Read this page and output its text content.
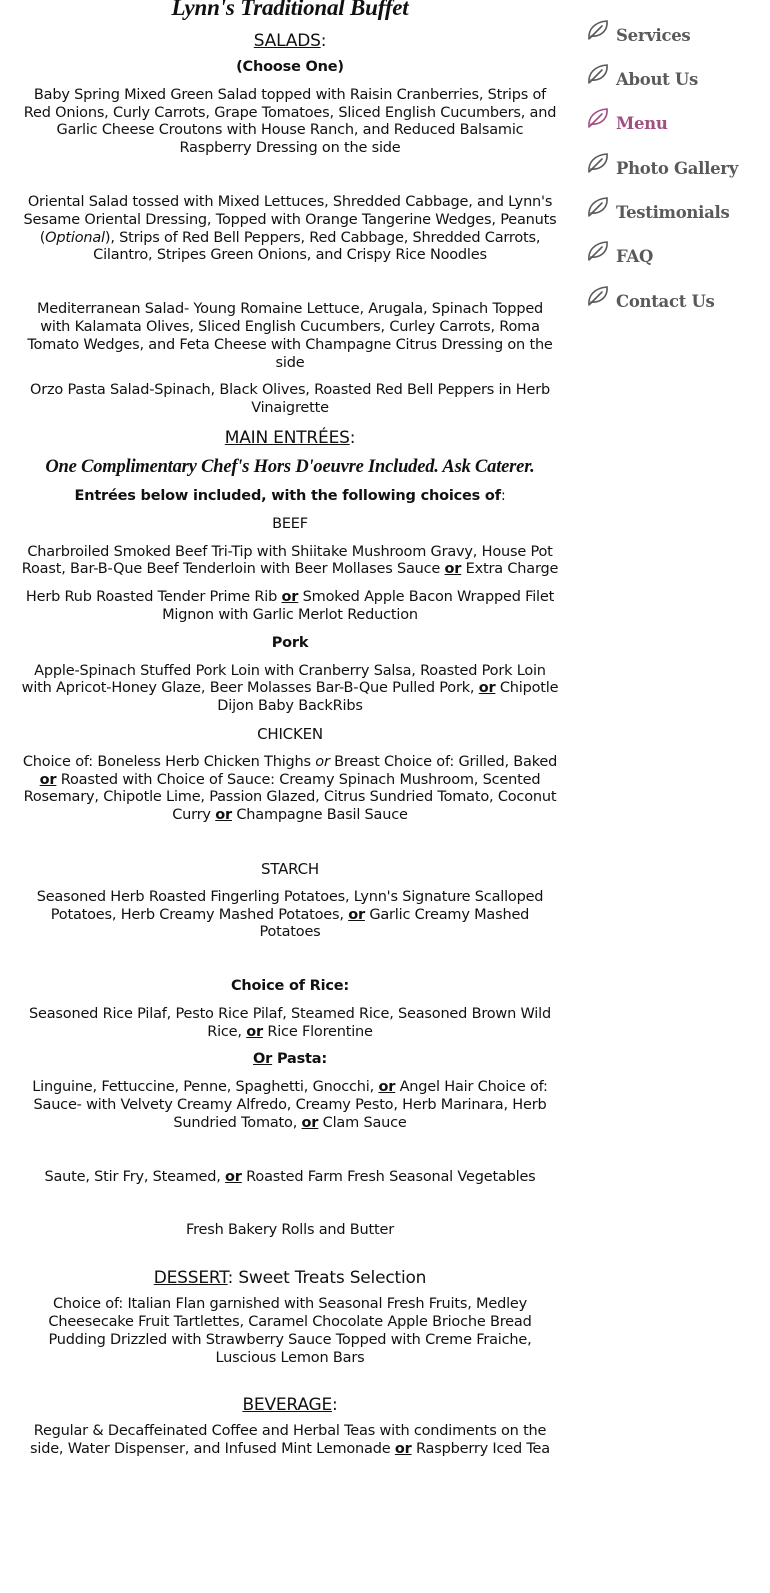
Lynn's Traditional Buffet
SALADS:
(Choose One)
Baby Spring Mixed Green Salad topped with Raisin Cranberries, Strips of Red Onions, Curly Carrots, Grape Tomatoes, Sliced English Cucumbers, and Garlic Cheese Croutons with House Ranch, and Reduced Balsamic Raspberry Dressing on the side
Oriental Salad tossed with Mixed Lettuces, Shredded Cabbage, and Lynn's Sesame Oriental Dressing, Topped with Orange Tangerine Wedges, Peanuts (Optional), Strips of Red Bell Peppers, Red Cabbage, Shredded Carrots, Cilantro, Stripes Green Onions, and Crispy Rice Noodles
Mediterranean Salad- Young Romaine Lettuce, Arugala, Spinach Topped with Kalamata Olives, Sliced English Cucumbers, Curley Carrots, Roma Tomato Wedges, and Feta Cheese with Champagne Citrus Dressing on the side
Orzo Pasta Salad-Spinach, Black Olives, Roasted Red Bell Peppers in Herb Vinaigrette
MAIN ENTRÉES:
One Complimentary Chef's Hors D'oeuvre Included. Ask Caterer.
Entrées below included, with the following choices of:
BEEF
Charbroiled Smoked Beef Tri-Tip with Shiitake Mushroom Gravy, House Pot Roast, Bar-B-Que Beef Tenderloin with Beer Mollases Sauce or Extra Charge
Herb Rub Roasted Tender Prime Rib or Smoked Apple Bacon Wrapped Filet Mignon with Garlic Merlot Reduction
Pork
Apple-Spinach Stuffed Pork Loin with Cranberry Salsa, Roasted Pork Loin with Apricot-Honey Glaze, Beer Molasses Bar-B-Que Pulled Pork, or Chipotle Dijon Baby BackRibs
CHICKEN
Choice of: Boneless Herb Chicken Thighs or Breast Choice of: Grilled, Baked or Roasted with Choice of Sauce: Creamy Spinach Mushroom, Scented Rosemary, Chipotle Lime, Passion Glazed, Citrus Sundried Tomato, Coconut Curry or Champagne Basil Sauce
STARCH
Seasoned Herb Roasted Fingerling Potatoes, Lynn's Signature Scalloped Potatoes, Herb Creamy Mashed Potatoes, or Garlic Creamy Mashed Potatoes
Choice of Rice:
Seasoned Rice Pilaf, Pesto Rice Pilaf, Steamed Rice, Seasoned Brown Wild Rice, or Rice Florentine
Or Pasta:
Linguine, Fettuccine, Penne, Spaghetti, Gnocchi, or Angel Hair Choice of: Sauce- with Velvety Creamy Alfredo, Creamy Pesto, Herb Marinara, Herb Sundried Tomato, or Clam Sauce
Saute, Stir Fry, Steamed, or Roasted Farm Fresh Seasonal Vegetables
Fresh Bakery Rolls and Butter
DESSERT: Sweet Treats Selection
Choice of: Italian Flan garnished with Seasonal Fresh Fruits, Medley Cheesecake Fruit Tartlettes, Caramel Chocolate Apple Brioche Bread Pudding Drizzled with Strawberry Sauce Topped with Creme Fraiche, Luscious Lemon Bars
BEVERAGE:
Regular & Decaffeinated Coffee and Herbal Teas with condiments on the side, Water Dispenser, and Infused Mint Lemonade or Raspberry Iced Tea
Services
About Us
Menu
Photo Gallery
Testimonials
FAQ
Contact Us
